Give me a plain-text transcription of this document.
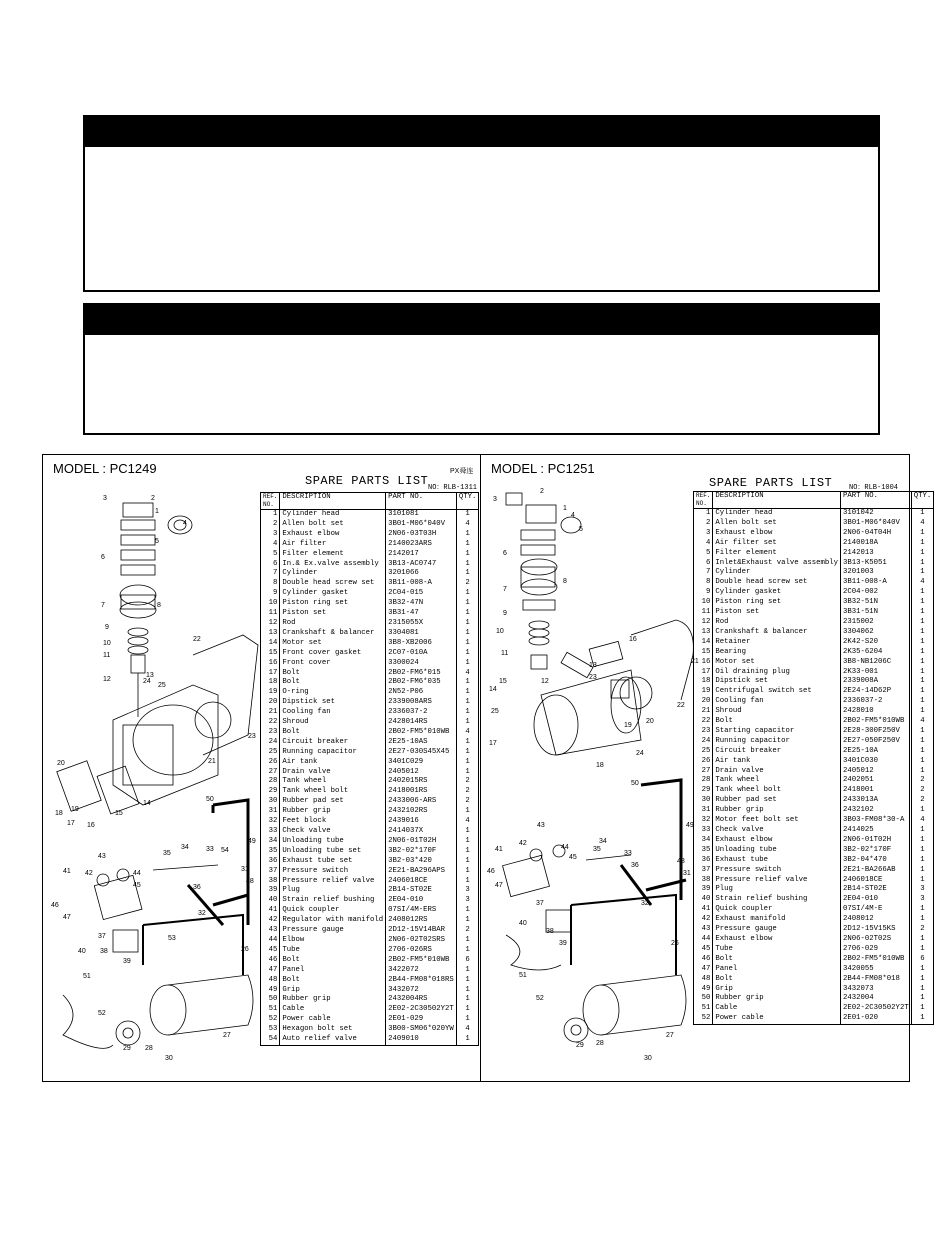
MODEL : PC1249	PX舜连
SPARE PARTS LIST NO：RLB-1311
3	2
1
4
5
6
7	8
9
10
11
12
13
14
15
16
17
18
19
20	21
22
23
24
25
26
27
28
29
30
31
32
33
34
35
36
37
38
39
40
41 42
43
44
45
46
47
48
49
50
51
52
53
54
REF. NO.	DESCRIPTION	PART NO.	QTY.
1	Cylinder head	3101081	1
2	Allen bolt set	3B01-M06*040V	4
3	Exhaust elbow	2N06-03T03H	1
4	Air filter	2140023ARS	1
5	Filter element	2142017	1
6	In.& Ex.valve assembly	3B13-AC0747	1
7	Cylinder	3201066	1
8	Double head screw set	3B11-008-A	2
9	Cylinder gasket	2C04-015	1
10	Piston ring set	3B32-47N	1
11	Piston set	3B31-47	1
12	Rod	2315055X	1
13	Crankshaft & balancer	3304081	1
14	Motor set	3B8-XB2006	1
15	Front cover gasket	2C07-010A	1
16	Front cover	3300024	1
17	Bolt	2B02-FM6*015	4
18	Bolt	2B02-FM6*035	1
19	O-ring	2N52-P06	1
20	Dipstick set	2339008ARS	1
21	Cooling fan	2336037-2	1
22	Shroud	2428014RS	1
23	Bolt	2B02-FM5*010WB	4
24	Circuit breaker	2E25-10AS	1
25	Running capacitor	2E27-030S45X45	1
26	Air tank	3401C029	1
27	Drain valve	2405012	1
28	Tank wheel	2402015RS	2
29	Tank wheel bolt	2418001RS	2
30	Rubber pad set	2433006-ARS	2
31	Rubber grip	2432102RS	1
32	Feet block	2439016	4
33	Check valve	2414037X	1
34	Unloading tube	2N06-01T02H	1
35	Unloading tube set	3B2-02*170F	1
36	Exhaust tube set	3B2-03*420	1
37	Pressure switch	2E21-BA296APS	1
38	Pressure relief valve	2406018CE	1
39	Plug	2B14-ST02E	3
40	Strain relief bushing	2E04-010	3
41	Quick coupler	07SI/4M-ERS	1
42	Regulator with manifold	2408012RS	1
43	Pressure gauge	2D12-15V14BAR	2
44	Elbow	2N06-02T02SRS	1
45	Tube	2706-026RS	1
46	Bolt	2B02-FM5*010WB	6
47	Panel	3422072	1
48	Bolt	2B44-FM08*018RS	1
49	Grip	3432072	1
50	Rubber grip	2432004RS	1
51	Cable	2E02-2C30502Y2T	1
52	Power cable	2E01-029	1
53	Hexagon bolt set	3B00-SM06*020YW	4
54	Auto relief valve	2409010	1
MODEL : PC1251
SPARE PARTS LIST NO：RLB-1004
2
3
1
4
5
6
7
8
9
10
11
12
13
14
15
16
17
18
19
20
21
22
23
24
25
26
27
28
29
30
31
32
33
34
35
36
37
38
39
40
41
42
43
44
45
46
47
48
49
50
51
52
REF. NO.	DESCRIPTION	PART NO.	QTY.
1	Cylinder head	3101042	1
2	Allen bolt set	3B01-M06*040V	4
3	Exhaust elbow	2N06-04T04H	1
4	Air filter set	2140018A	1
5	Filter element	2142013	1
6	Inlet&Exhaust valve assembly	3B13-K5051	1
7	Cylinder	3201003	1
8	Double head screw set	3B11-008-A	4
9	Cylinder gasket	2C04-002	1
10	Piston ring set	3B32-51N	1
11	Piston set	3B31-51N	1
12	Rod	2315002	1
13	Crankshaft & balancer	3304062	1
14	Retainer	2K42-S20	1
15	Bearing	2K35-6204	1
16	Motor set	3B8-NB1206C	1
17	Oil draining plug	2K33-001	1
18	Dipstick set	2339008A	1
19	Centrifugal switch set	2E24-14D62P	1
20	Cooling fan	2336037-2	1
21	Shroud	2428010	1
22	Bolt	2B02-FM5*010WB	4
23	Starting capacitor	2E28-300F250V	1
24	Running capacitor	2E27-050F250V	1
25	Circuit breaker	2E25-10A	1
26	Air tank	3401C030	1
27	Drain valve	2405012	1
28	Tank wheel	2402051	2
29	Tank wheel bolt	2418001	2
30	Rubber pad set	2433013A	2
31	Rubber grip	2432102	1
32	Motor feet bolt set	3B03-FM08*30-A	4
33	Check valve	2414025	1
34	Exhaust elbow	2N06-01T02H	1
35	Unloading tube	3B2-02*170F	1
36	Exhaust tube	3B2-04*470	1
37	Pressure switch	2E21-BA266AB	1
38	Pressure relief valve	2406018CE	1
39	Plug	2B14-ST02E	3
40	Strain relief bushing	2E04-010	3
41	Quick coupler	07SI/4M-E	1
42	Exhaust manifold	2408012	1
43	Pressure gauge	2D12-15V15KS	2
44	Exhaust elbow	2N06-02T02S	1
45	Tube	2706-029	1
46	Bolt	2B02-FM5*010WB	6
47	Panel	3420055	1
48	Bolt	2B44-FM08*018	1
49	Grip	3432073	1
50	Rubber grip	2432004	1
51	Cable	2E02-2C30502Y2T	1
52	Power cable	2E01-020	1
